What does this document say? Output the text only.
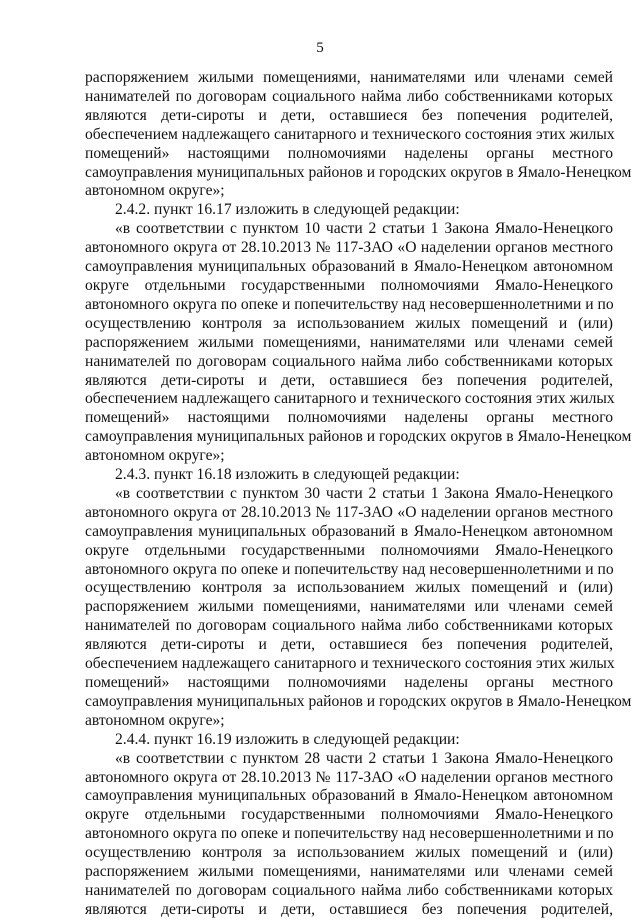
5
распоряжением жилыми помещениями, нанимателями или членами семей
нанимателей по договорам социального найма либо собственниками которых
являются дети-сироты и дети, оставшиеся без попечения родителей,
обеспечением надлежащего санитарного и технического состояния этих жилых
помещений» настоящими полномочиями наделены органы местного
самоуправления муниципальных районов и городских округов в Ямало-Ненецком
автономном округе»;
2.4.2. пункт 16.17 изложить в следующей редакции:
«в соответствии с пунктом 10 части 2 статьи 1 Закона Ямало-Ненецкого
автономного округа от 28.10.2013 № 117-ЗАО «О наделении органов местного
самоуправления муниципальных образований в Ямало-Ненецком автономном
округе отдельными государственными полномочиями Ямало-Ненецкого
автономного округа по опеке и попечительству над несовершеннолетними и по
осуществлению контроля за использованием жилых помещений и (или)
распоряжением жилыми помещениями, нанимателями или членами семей
нанимателей по договорам социального найма либо собственниками которых
являются дети-сироты и дети, оставшиеся без попечения родителей,
обеспечением надлежащего санитарного и технического состояния этих жилых
помещений» настоящими полномочиями наделены органы местного
самоуправления муниципальных районов и городских округов в Ямало-Ненецком
автономном округе»;
2.4.3. пункт 16.18 изложить в следующей редакции:
«в соответствии с пунктом 30 части 2 статьи 1 Закона Ямало-Ненецкого
автономного округа от 28.10.2013 № 117-ЗАО «О наделении органов местного
самоуправления муниципальных образований в Ямало-Ненецком автономном
округе отдельными государственными полномочиями Ямало-Ненецкого
автономного округа по опеке и попечительству над несовершеннолетними и по
осуществлению контроля за использованием жилых помещений и (или)
распоряжением жилыми помещениями, нанимателями или членами семей
нанимателей по договорам социального найма либо собственниками которых
являются дети-сироты и дети, оставшиеся без попечения родителей,
обеспечением надлежащего санитарного и технического состояния этих жилых
помещений» настоящими полномочиями наделены органы местного
самоуправления муниципальных районов и городских округов в Ямало-Ненецком
автономном округе»;
2.4.4. пункт 16.19 изложить в следующей редакции:
«в соответствии с пунктом 28 части 2 статьи 1 Закона Ямало-Ненецкого
автономного округа от 28.10.2013 № 117-ЗАО «О наделении органов местного
самоуправления муниципальных образований в Ямало-Ненецком автономном
округе отдельными государственными полномочиями Ямало-Ненецкого
автономного округа по опеке и попечительству над несовершеннолетними и по
осуществлению контроля за использованием жилых помещений и (или)
распоряжением жилыми помещениями, нанимателями или членами семей
нанимателей по договорам социального найма либо собственниками которых
являются дети-сироты и дети, оставшиеся без попечения родителей,
